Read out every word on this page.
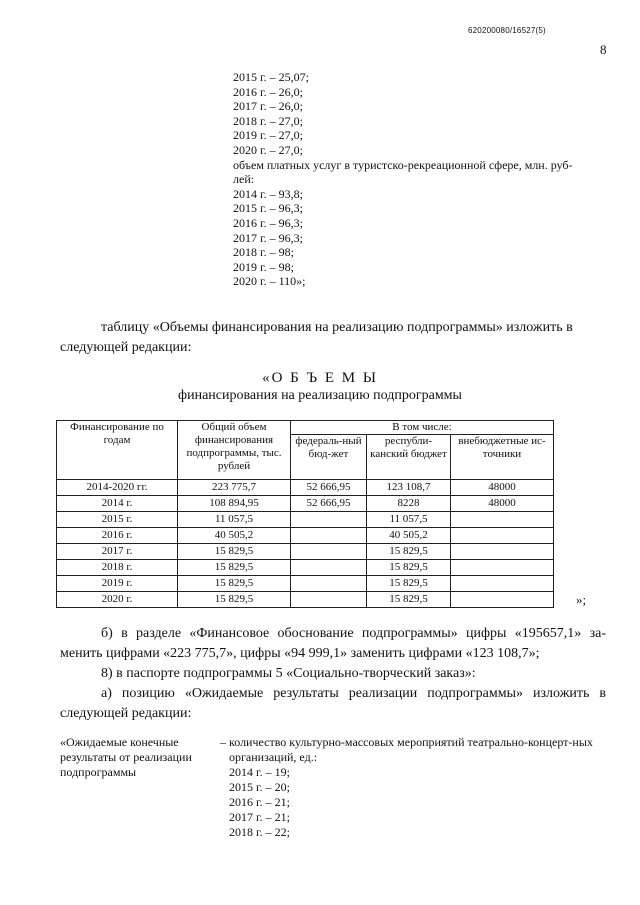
620200080/16527(5)
8
2015 г. – 25,07;
2016 г. – 26,0;
2017 г. – 26,0;
2018 г. – 27,0;
2019 г. – 27,0;
2020 г. – 27,0;
объем платных услуг в туристско-рекреационной сфере, млн. руб-
лей:
2014 г. – 93,8;
2015 г. – 96,3;
2016 г. – 96,3;
2017 г. – 96,3;
2018 г. – 98;
2019 г. – 98;
2020 г. – 110»;
таблицу «Объемы финансирования на реализацию подпрограммы» изложить в
следующей редакции:
«О Б Ъ Е М Ы
финансирования на реализацию подпрограммы
Финансирование по годам	Общий объем финансирования подпрограммы, тыс. рублей	В том числе:		
		федераль-ный бюд-жет	республи-канский бюджет	внебюджетные ис-точники
2014-2020 гг.	223 775,7	52 666,95	123 108,7	48000
2014 г.	108 894,95	52 666,95	8228	48000
2015 г.	11 057,5		11 057,5	
2016 г.	40 505,2		40 505,2	
2017 г.	15 829,5		15 829,5	
2018 г.	15 829,5		15 829,5	
2019 г.	15 829,5		15 829,5	
2020 г.	15 829,5		15 829,5		»;
б) в разделе «Финансовое обоснование подпрограммы» цифры «195657,1» за-менить цифрами «223 775,7», цифры «94 999,1» заменить цифрами «123 108,7»;
8) в паспорте подпрограммы 5 «Социально-творческий заказ»:
а) позицию «Ожидаемые результаты реализации подпрограммы» изложить в следующей редакции:
«Ожидаемые конечные результаты от реализации подпрограммы
– количество культурно-массовых мероприятий театрально-концерт-ных организаций, ед.:
2014 г. – 19;
2015 г. – 20;
2016 г. – 21;
2017 г. – 21;
2018 г. – 22;
